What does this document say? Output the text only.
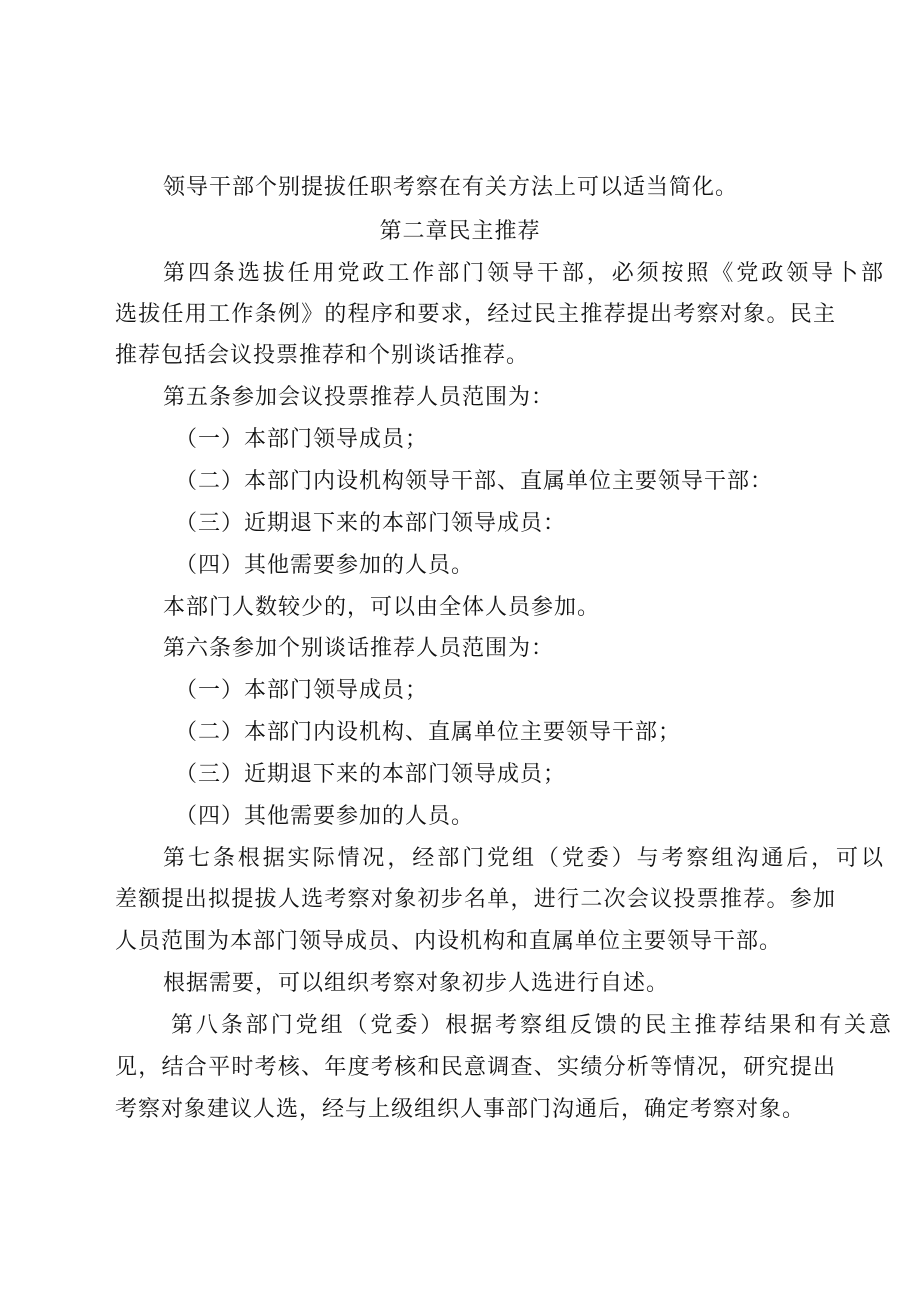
领导干部个别提拔任职考察在有关方法上可以适当简化。
第二章民主推荐
第四条选拔任用党政工作部门领导干部，必须按照《党政领导卜部
选拔任用工作条例》的程序和要求，经过民主推荐提出考察对象。民主
推荐包括会议投票推荐和个别谈话推荐。
第五条参加会议投票推荐人员范围为：
（一）本部门领导成员；
（二）本部门内设机构领导干部、直属单位主要领导干部：
（三）近期退下来的本部门领导成员：
（四）其他需要参加的人员。
本部门人数较少的，可以由全体人员参加。
第六条参加个别谈话推荐人员范围为：
（一）本部门领导成员；
（二）本部门内设机构、直属单位主要领导干部；
（三）近期退下来的本部门领导成员；
（四）其他需要参加的人员。
第七条根据实际情况，经部门党组（党委）与考察组沟通后，可以
差额提出拟提拔人选考察对象初步名单，进行二次会议投票推荐。参加
人员范围为本部门领导成员、内设机构和直属单位主要领导干部。
根据需要，可以组织考察对象初步人选进行自述。
第八条部门党组（党委）根据考察组反馈的民主推荐结果和有关意
见，结合平时考核、年度考核和民意调查、实绩分析等情况，研究提出
考察对象建议人选，经与上级组织人事部门沟通后，确定考察对象。
